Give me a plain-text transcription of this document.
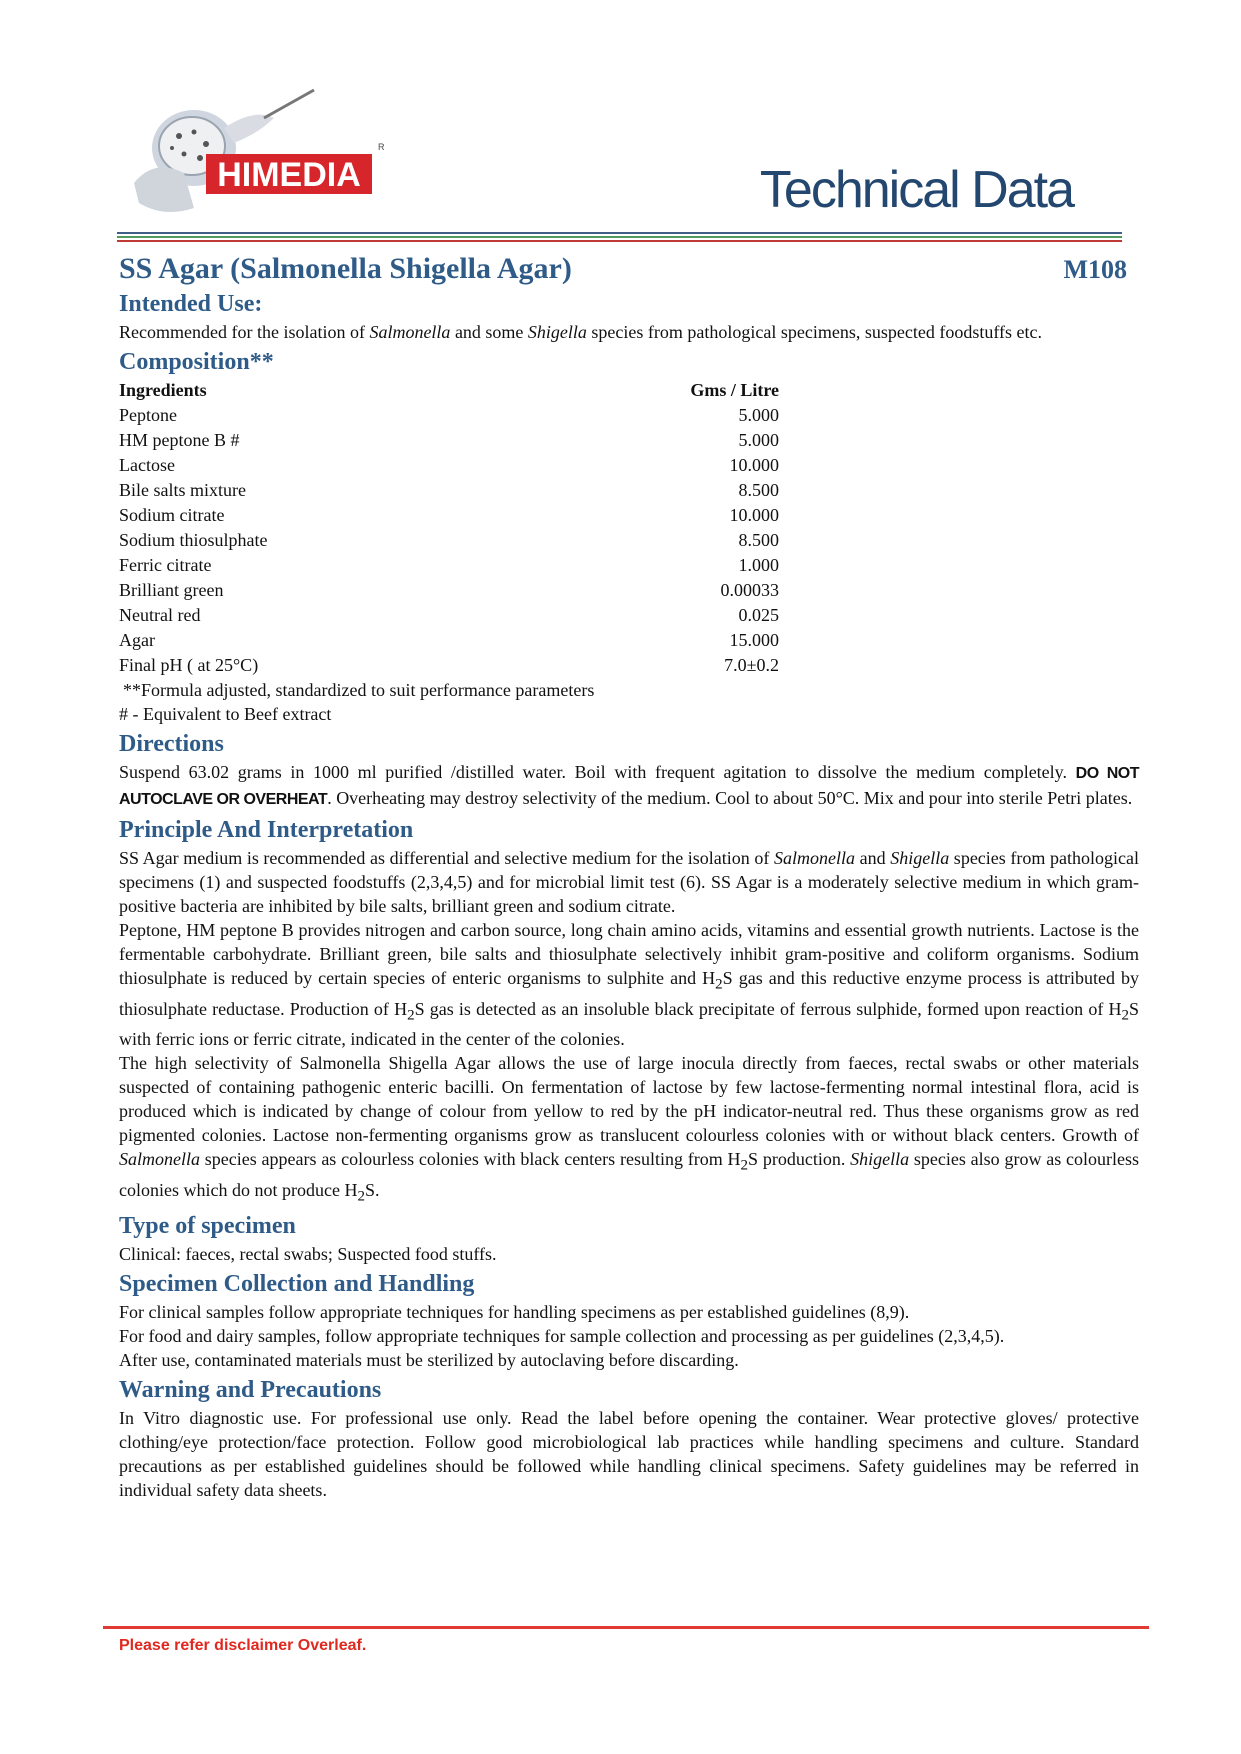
HIMEDIA
R
Technical Data
SS Agar (Salmonella Shigella Agar)	M108
Intended Use:

Recommended for the isolation of Salmonella and some Shigella species from pathological specimens, suspected foodstuffs etc.

Composition**
Ingredients	Gms / Litre
Peptone	5.000
HM peptone B #	5.000
Lactose	10.000
Bile salts mixture	8.500
Sodium citrate	10.000
Sodium thiosulphate	8.500
Ferric citrate	1.000
Brilliant green	0.00033
Neutral red	0.025
Agar	15.000
Final pH ( at 25°C)	7.0±0.2
**Formula adjusted, standardized to suit performance parameters
# - Equivalent to Beef extract
Directions

Suspend 63.02 grams in 1000 ml purified /distilled water. Boil with frequent agitation to dissolve the medium completely. DO NOT AUTOCLAVE OR OVERHEAT. Overheating may destroy selectivity of the medium. Cool to about 50°C. Mix and pour into sterile Petri plates.

Principle And Interpretation

SS Agar medium is recommended as differential and selective medium for the isolation of Salmonella and Shigella species from pathological specimens (1) and suspected foodstuffs (2,3,4,5) and for microbial limit test (6). SS Agar is a moderately selective medium in which gram-positive bacteria are inhibited by bile salts, brilliant green and sodium citrate.

Peptone, HM peptone B provides nitrogen and carbon source, long chain amino acids, vitamins and essential growth nutrients. Lactose is the fermentable carbohydrate. Brilliant green, bile salts and thiosulphate selectively inhibit gram-positive and coliform organisms. Sodium thiosulphate is reduced by certain species of enteric organisms to sulphite and $H_2S$ gas and this reductive enzyme process is attributed by thiosulphate reductase. Production of $H_2S$ gas is detected as an insoluble black precipitate of ferrous sulphide, formed upon reaction of $H_2S$ with ferric ions or ferric citrate, indicated in the center of the colonies.

The high selectivity of Salmonella Shigella Agar allows the use of large inocula directly from faeces, rectal swabs or other materials suspected of containing pathogenic enteric bacilli. On fermentation of lactose by few lactose-fermenting normal intestinal flora, acid is produced which is indicated by change of colour from yellow to red by the pH indicator-neutral red. Thus these organisms grow as red pigmented colonies. Lactose non-fermenting organisms grow as translucent colourless colonies with or without black centers. Growth of Salmonella species appears as colourless colonies with black centers resulting from $H_2S$ production. Shigella species also grow as colourless colonies which do not produce $H_2S$.

Type of specimen

Clinical: faeces, rectal swabs; Suspected food stuffs.

Specimen Collection and Handling

For clinical samples follow appropriate techniques for handling specimens as per established guidelines (8,9).

For food and dairy samples, follow appropriate techniques for sample collection and processing as per guidelines (2,3,4,5).

After use, contaminated materials must be sterilized by autoclaving before discarding.

Warning and Precautions

In Vitro diagnostic use. For professional use only. Read the label before opening the container. Wear protective gloves/ protective clothing/eye protection/face protection. Follow good microbiological lab practices while handling specimens and culture. Standard precautions as per established guidelines should be followed while handling clinical specimens. Safety guidelines may be referred in individual safety data sheets.

Please refer disclaimer Overleaf.
